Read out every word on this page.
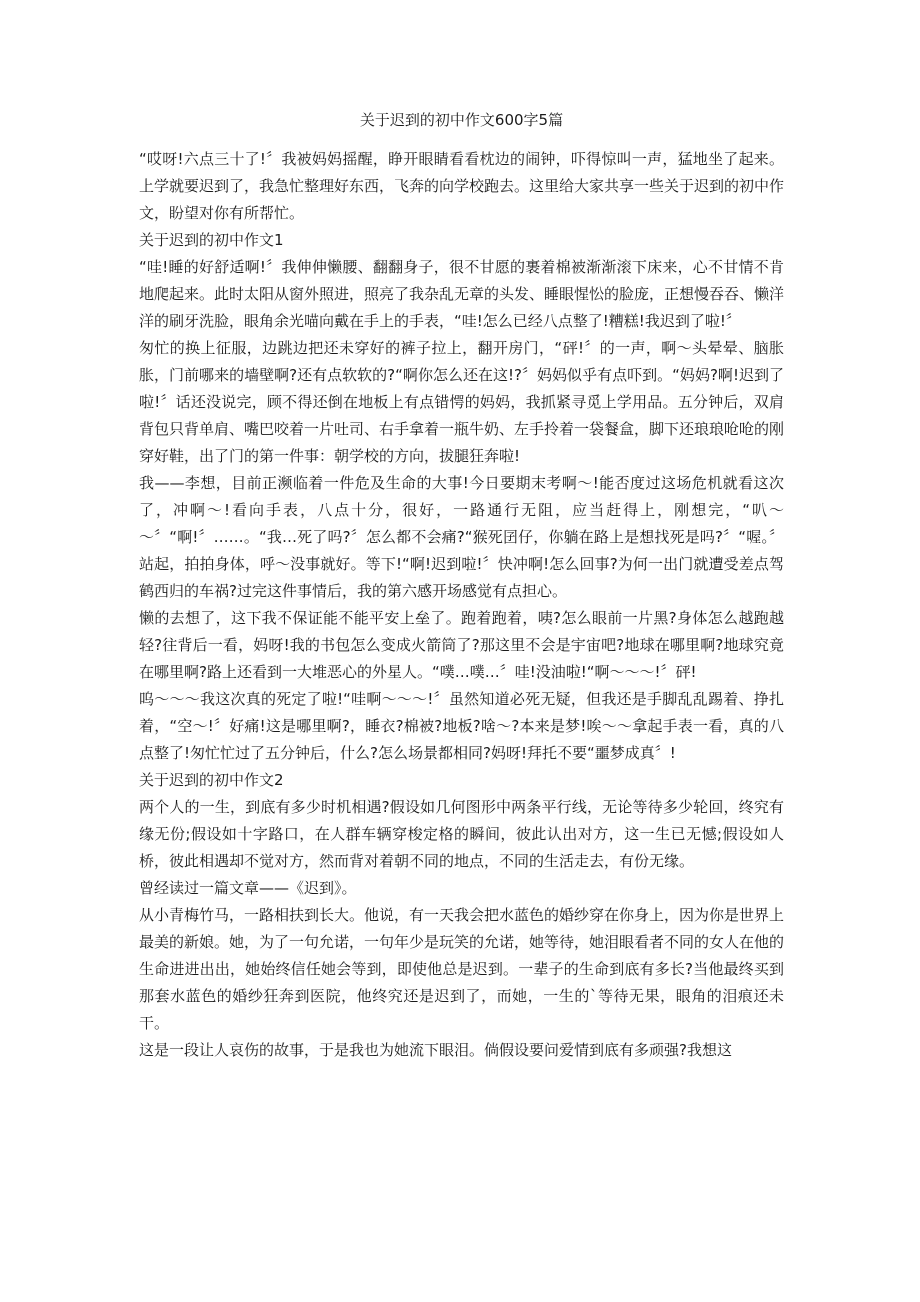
关于迟到的初中作文600字5篇
“哎呀!六点三十了!〞我被妈妈摇醒，睁开眼睛看看枕边的闹钟，吓得惊叫一声，猛地坐了起来。上学就要迟到了，我急忙整理好东西，飞奔的向学校跑去。这里给大家共享一些关于迟到的初中作文，盼望对你有所帮忙。
关于迟到的初中作文1
“哇!睡的好舒适啊!〞我伸伸懒腰、翻翻身子，很不甘愿的裹着棉被渐渐滚下床来，心不甘情不肯地爬起来。此时太阳从窗外照进，照亮了我杂乱无章的头发、睡眼惺忪的脸庞，正想慢吞吞、懒洋洋的刷牙洗脸，眼角余光喵向戴在手上的手表，“哇!怎么已经八点整了!糟糕!我迟到了啦!〞
匆忙的换上征服，边跳边把还未穿好的裤子拉上，翻开房门，“砰!〞的一声，啊～头晕晕、脑胀胀，门前哪来的墙壁啊?还有点软软的?“啊你怎么还在这!?〞妈妈似乎有点吓到。“妈妈?啊!迟到了啦!〞话还没说完，顾不得还倒在地板上有点错愕的妈妈，我抓紧寻觅上学用品。五分钟后，双肩背包只背单肩、嘴巴咬着一片吐司、右手拿着一瓶牛奶、左手拎着一袋餐盒，脚下还琅琅呛呛的刚穿好鞋，出了门的第一件事：朝学校的方向，拔腿狂奔啦!
我——李想，目前正濒临着一件危及生命的大事!今日要期末考啊～!能否度过这场危机就看这次了，冲啊～!看向手表，八点十分，很好，一路通行无阻，应当赶得上，刚想完，“叭～～〞“啊!〞……。“我…死了吗?〞怎么都不会痛?“猴死囝仔，你躺在路上是想找死是吗?〞“喔。〞站起，拍拍身体，呼～没事就好。等下!“啊!迟到啦!〞快冲啊!怎么回事?为何一出门就遭受差点驾鹤西归的车祸?过完这件事情后，我的第六感开场感觉有点担心。
懒的去想了，这下我不保证能不能平安上垒了。跑着跑着，咦?怎么眼前一片黑?身体怎么越跑越轻?往背后一看，妈呀!我的书包怎么变成火箭筒了?那这里不会是宇宙吧?地球在哪里啊?地球究竟在哪里啊?路上还看到一大堆恶心的外星人。“噗…噗…〞哇!没油啦!“啊～～～!〞砰!
呜～～～我这次真的死定了啦!“哇啊～～～!〞虽然知道必死无疑，但我还是手脚乱乱踢着、挣扎着，“空～!〞好痛!这是哪里啊?，睡衣?棉被?地板?啥～?本来是梦!唉～～拿起手表一看，真的八点整了!匆忙忙过了五分钟后，什么?怎么场景都相同?妈呀!拜托不要“噩梦成真〞!
关于迟到的初中作文2
两个人的一生，到底有多少时机相遇?假设如几何图形中两条平行线，无论等待多少轮回，终究有缘无份;假设如十字路口，在人群车辆穿梭定格的瞬间，彼此认出对方，这一生已无憾;假设如人桥，彼此相遇却不觉对方，然而背对着朝不同的地点，不同的生活走去，有份无缘。
曾经读过一篇文章——《迟到》。
从小青梅竹马，一路相扶到长大。他说，有一天我会把水蓝色的婚纱穿在你身上，因为你是世界上最美的新娘。她，为了一句允诺，一句年少是玩笑的允诺，她等待，她泪眼看者不同的女人在他的生命进进出出，她始终信任她会等到，即使他总是迟到。一辈子的生命到底有多长?当他最终买到那套水蓝色的婚纱狂奔到医院，他终究还是迟到了，而她，一生的`等待无果，眼角的泪痕还未干。
这是一段让人哀伤的故事，于是我也为她流下眼泪。倘假设要问爱情到底有多顽强?我想这
